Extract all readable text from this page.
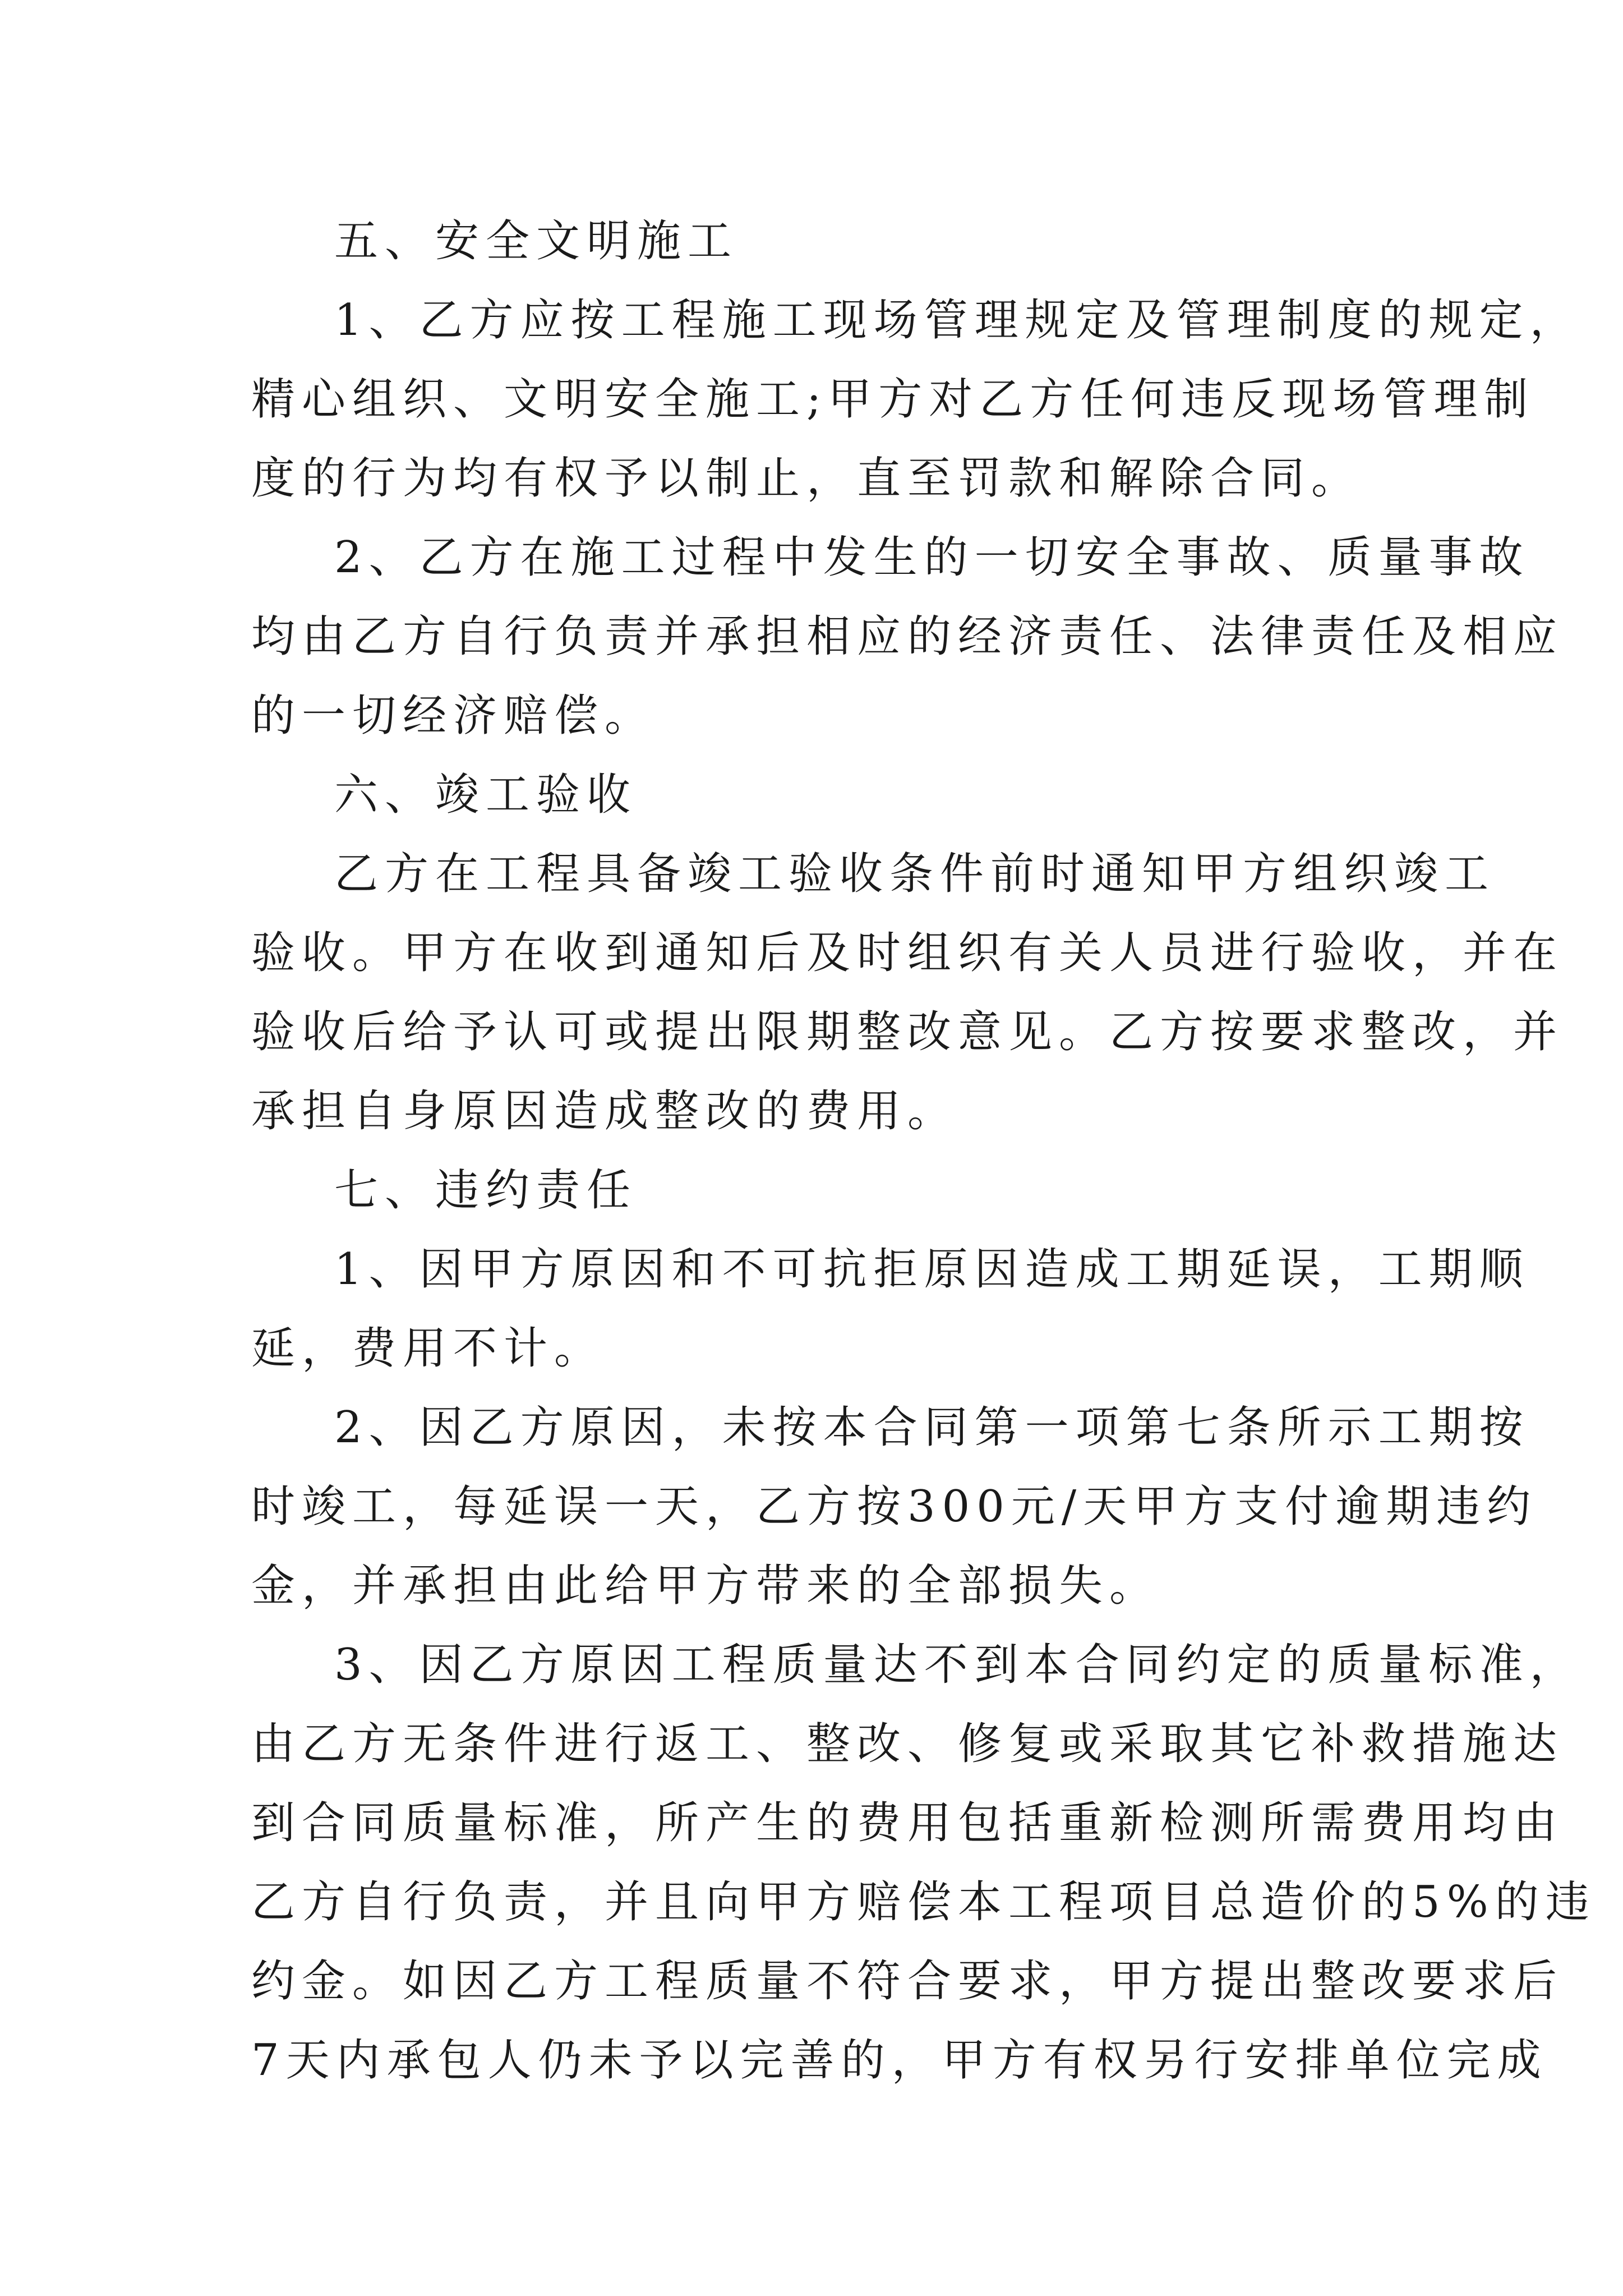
五、安全文明施工
1、乙方应按工程施工现场管理规定及管理制度的规定，
精心组织、文明安全施工;甲方对乙方任何违反现场管理制
度的行为均有权予以制止，直至罚款和解除合同。
2、乙方在施工过程中发生的一切安全事故、质量事故
均由乙方自行负责并承担相应的经济责任、法律责任及相应
的一切经济赔偿。
六、竣工验收
乙方在工程具备竣工验收条件前时通知甲方组织竣工
验收。甲方在收到通知后及时组织有关人员进行验收，并在
验收后给予认可或提出限期整改意见。乙方按要求整改，并
承担自身原因造成整改的费用。
七、违约责任
1、因甲方原因和不可抗拒原因造成工期延误，工期顺
延，费用不计。
2、因乙方原因，未按本合同第一项第七条所示工期按
时竣工，每延误一天，乙方按300元/天甲方支付逾期违约
金，并承担由此给甲方带来的全部损失。
3、因乙方原因工程质量达不到本合同约定的质量标准，
由乙方无条件进行返工、整改、修复或采取其它补救措施达
到合同质量标准，所产生的费用包括重新检测所需费用均由
乙方自行负责，并且向甲方赔偿本工程项目总造价的5%的违
约金。如因乙方工程质量不符合要求，甲方提出整改要求后
7天内承包人仍未予以完善的，甲方有权另行安排单位完成
